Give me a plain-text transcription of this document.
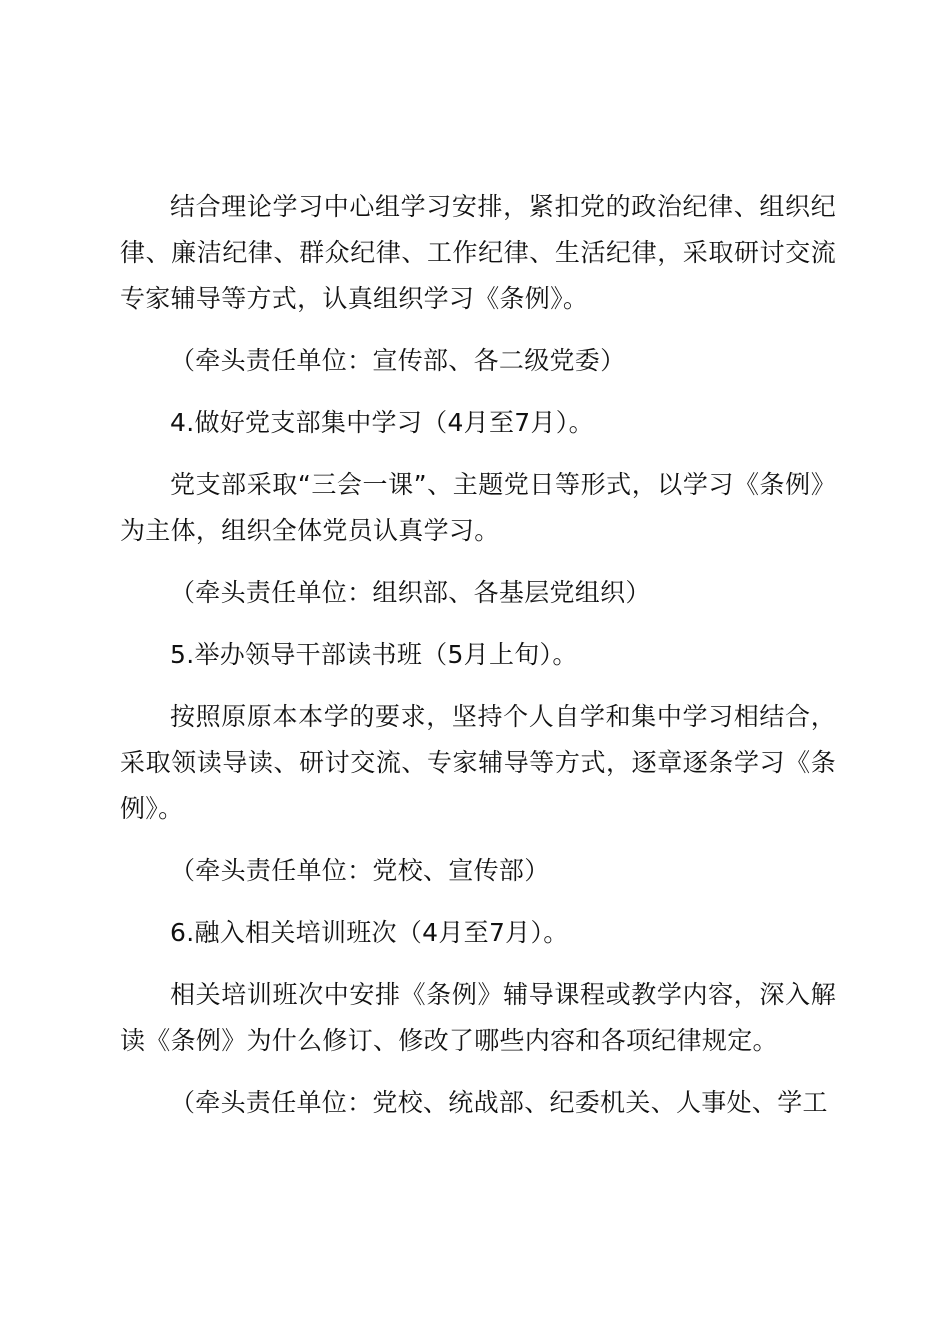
结合理论学习中心组学习安排，紧扣党的政治纪律、组织纪律、廉洁纪律、群众纪律、工作纪律、生活纪律，采取研讨交流专家辅导等方式，认真组织学习《条例》。

（牵头责任单位：宣传部、各二级党委）

4.做好党支部集中学习（4月至7月）。

党支部采取“三会一课”、主题党日等形式，以学习《条例》为主体，组织全体党员认真学习。

（牵头责任单位：组织部、各基层党组织）

5.举办领导干部读书班（5月上旬）。

按照原原本本学的要求，坚持个人自学和集中学习相结合，采取领读导读、研讨交流、专家辅导等方式，逐章逐条学习《条例》。

（牵头责任单位：党校、宣传部）

6.融入相关培训班次（4月至7月）。

相关培训班次中安排《条例》辅导课程或教学内容，深入解读《条例》为什么修订、修改了哪些内容和各项纪律规定。

（牵头责任单位：党校、统战部、纪委机关、人事处、学工
